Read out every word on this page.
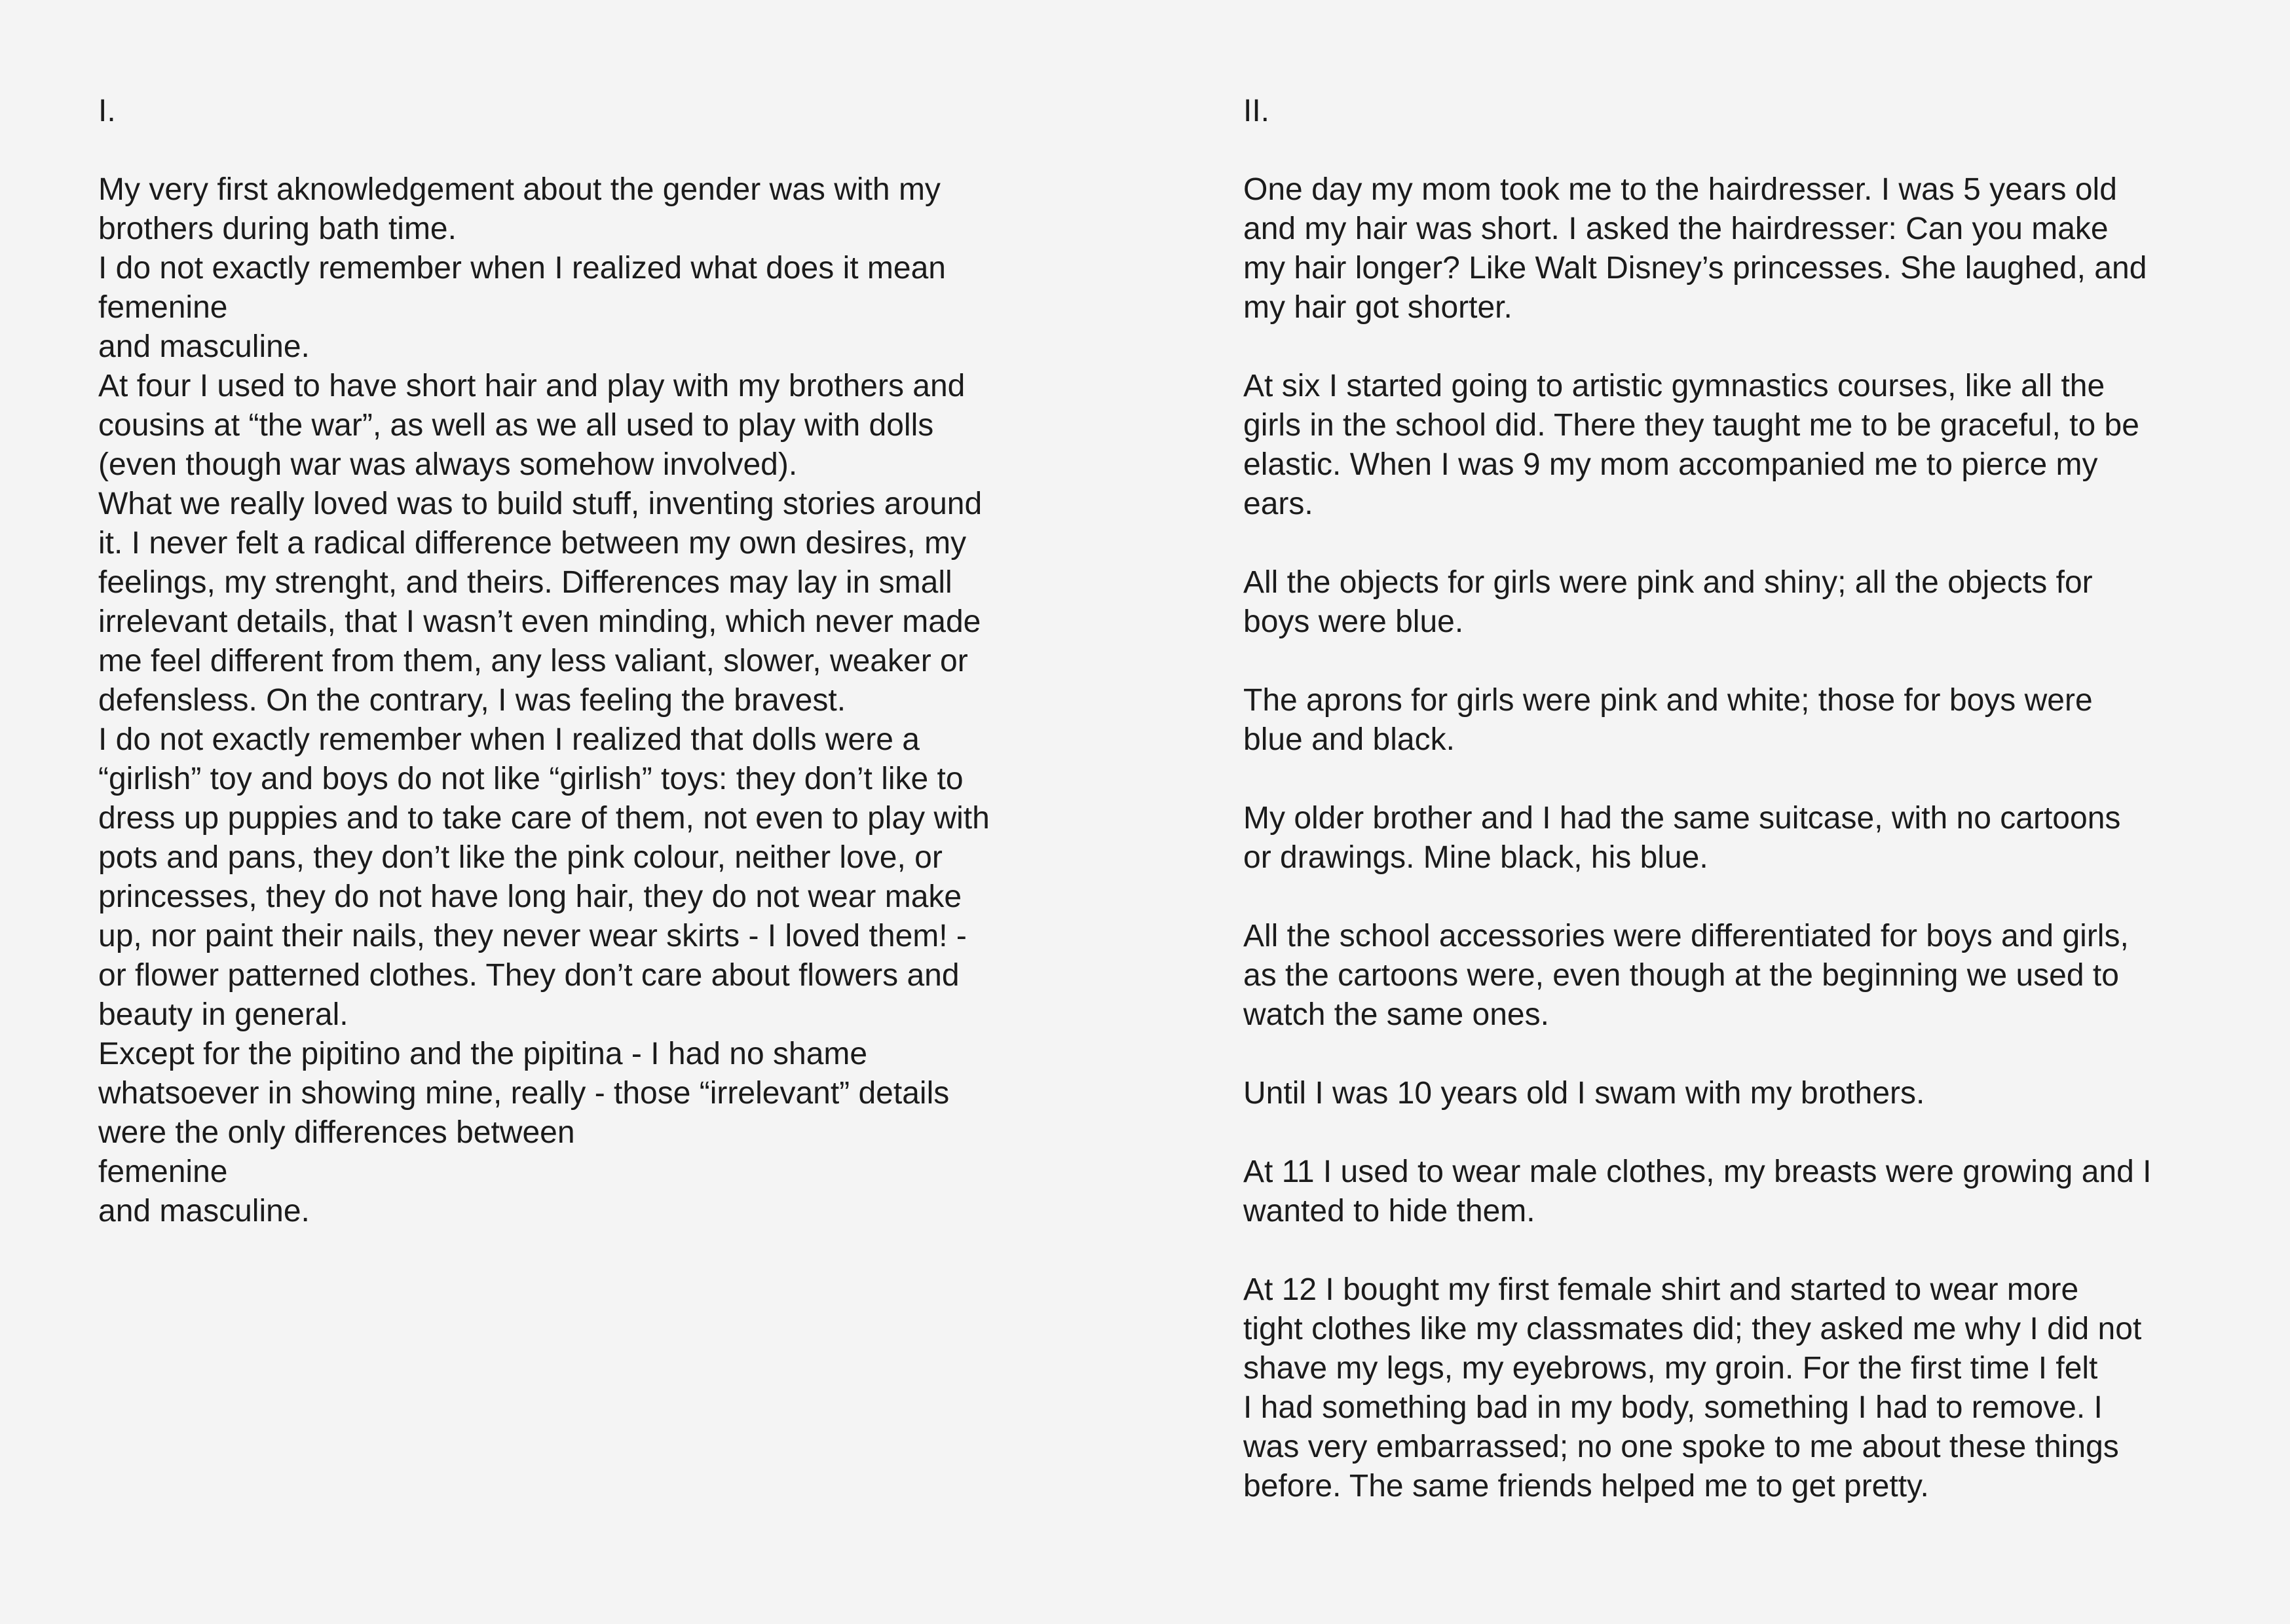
I.

My very first aknowledgement about the gender was with my
brothers during bath time.
I do not exactly remember when I realized what does it mean
femenine
and masculine.
At four I used to have short hair and play with my brothers and
cousins at “the war”, as well as we all used to play with dolls
(even though war was always somehow involved).
What we really loved was to build stuff, inventing stories around
it. I never felt a radical difference between my own desires, my
feelings, my strenght, and theirs. Differences may lay in small
irrelevant details, that I wasn’t even minding, which never made
me feel different from them, any less valiant, slower, weaker or
defensless. On the contrary, I was feeling the bravest.
I do not exactly remember when I realized that dolls were a
“girlish” toy and boys do not like “girlish” toys: they don’t like to
dress up puppies and to take care of them, not even to play with
pots and pans, they don’t like the pink colour, neither love, or
princesses, they do not have long hair, they do not wear make
up, nor paint their nails, they never wear skirts - I loved them! -
or flower patterned clothes. They don’t care about flowers and
beauty in general.
Except for the pipitino and the pipitina - I had no shame
whatsoever in showing mine, really - those “irrelevant” details
were the only differences between
femenine
and masculine.

II.

One day my mom took me to the hairdresser. I was 5 years old
and my hair was short. I asked the hairdresser: Can you make
my hair longer? Like Walt Disney’s princesses. She laughed, and
my hair got shorter.

At six I started going to artistic gymnastics courses, like all the
girls in the school did. There they taught me to be graceful, to be
elastic. When I was 9 my mom accompanied me to pierce my
ears.

All the objects for girls were pink and shiny; all the objects for
boys were blue.

The aprons for girls were pink and white; those for boys were
blue and black.

My older brother and I had the same suitcase, with no cartoons
or drawings. Mine black, his blue.

All the school accessories were differentiated for boys and girls,
as the cartoons were, even though at the beginning we used to
watch the same ones.

Until I was 10 years old I swam with my brothers.

At 11 I used to wear male clothes, my breasts were growing and I
wanted to hide them.

At 12 I bought my first female shirt and started to wear more
tight clothes like my classmates did; they asked me why I did not
shave my legs, my eyebrows, my groin. For the first time I felt
I had something bad in my body, something I had to remove. I
was very embarrassed; no one spoke to me about these things
before. The same friends helped me to get pretty.
